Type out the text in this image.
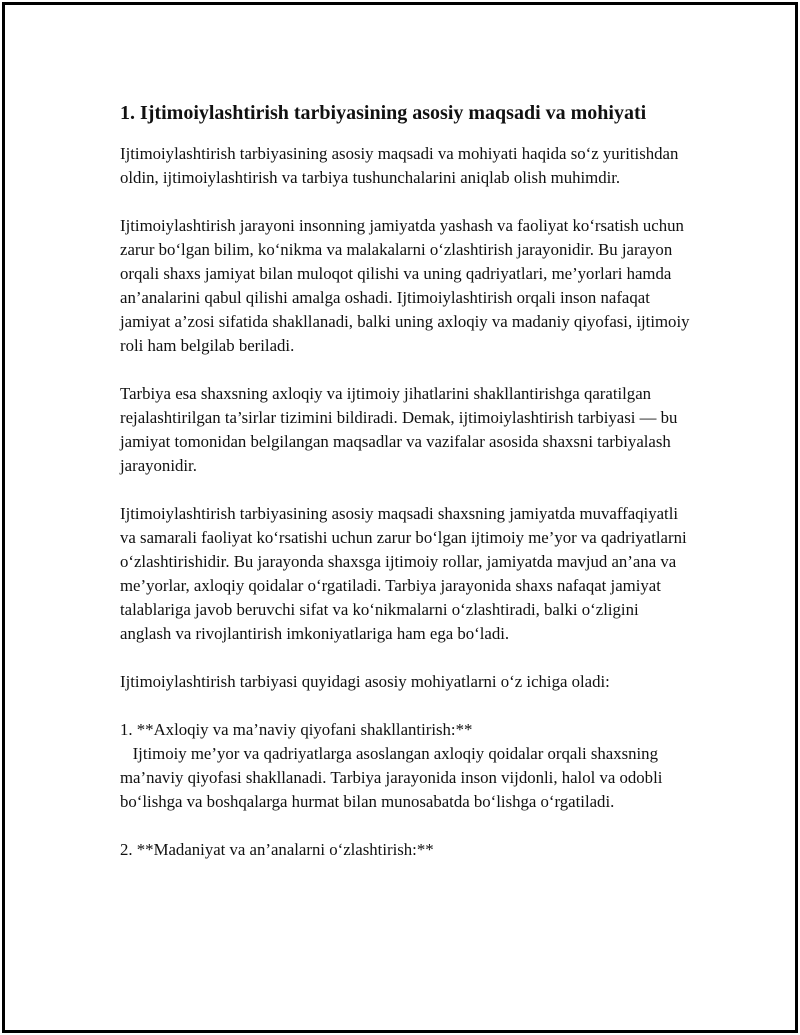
1. Ijtimoiylashtirish tarbiyasining asosiy maqsadi va mohiyati

Ijtimoiylashtirish tarbiyasining asosiy maqsadi va mohiyati haqida so‘z yuritishdan oldin, ijtimoiylashtirish va tarbiya tushunchalarini aniqlab olish muhimdir.

Ijtimoiylashtirish jarayoni insonning jamiyatda yashash va faoliyat ko‘rsatish uchun zarur bo‘lgan bilim, ko‘nikma va malakalarni o‘zlashtirish jarayonidir. Bu jarayon orqali shaxs jamiyat bilan muloqot qilishi va uning qadriyatlari, me’yorlari hamda an’analarini qabul qilishi amalga oshadi. Ijtimoiylashtirish orqali inson nafaqat jamiyat a’zosi sifatida shakllanadi, balki uning axloqiy va madaniy qiyofasi, ijtimoiy roli ham belgilab beriladi.

Tarbiya esa shaxsning axloqiy va ijtimoiy jihatlarini shakllantirishga qaratilgan rejalashtirilgan ta’sirlar tizimini bildiradi. Demak, ijtimoiylashtirish tarbiyasi — bu jamiyat tomonidan belgilangan maqsadlar va vazifalar asosida shaxsni tarbiyalash jarayonidir.

Ijtimoiylashtirish tarbiyasining asosiy maqsadi shaxsning jamiyatda muvaffaqiyatli va samarali faoliyat ko‘rsatishi uchun zarur bo‘lgan ijtimoiy me’yor va qadriyatlarni o‘zlashtirishidir. Bu jarayonda shaxsga ijtimoiy rollar, jamiyatda mavjud an’ana va me’yorlar, axloqiy qoidalar o‘rgatiladi. Tarbiya jarayonida shaxs nafaqat jamiyat talablariga javob beruvchi sifat va ko‘nikmalarni o‘zlashtiradi, balki o‘zligini anglash va rivojlantirish imkoniyatlariga ham ega bo‘ladi.

Ijtimoiylashtirish tarbiyasi quyidagi asosiy mohiyatlarni o‘z ichiga oladi:

1. **Axloqiy va ma’naviy qiyofani shakllantirish:**

Ijtimoiy me’yor va qadriyatlarga asoslangan axloqiy qoidalar orqali shaxsning ma’naviy qiyofasi shakllanadi. Tarbiya jarayonida inson vijdonli, halol va odobli bo‘lishga va boshqalarga hurmat bilan munosabatda bo‘lishga o‘rgatiladi.

2. **Madaniyat va an’analarni o‘zlashtirish:**
